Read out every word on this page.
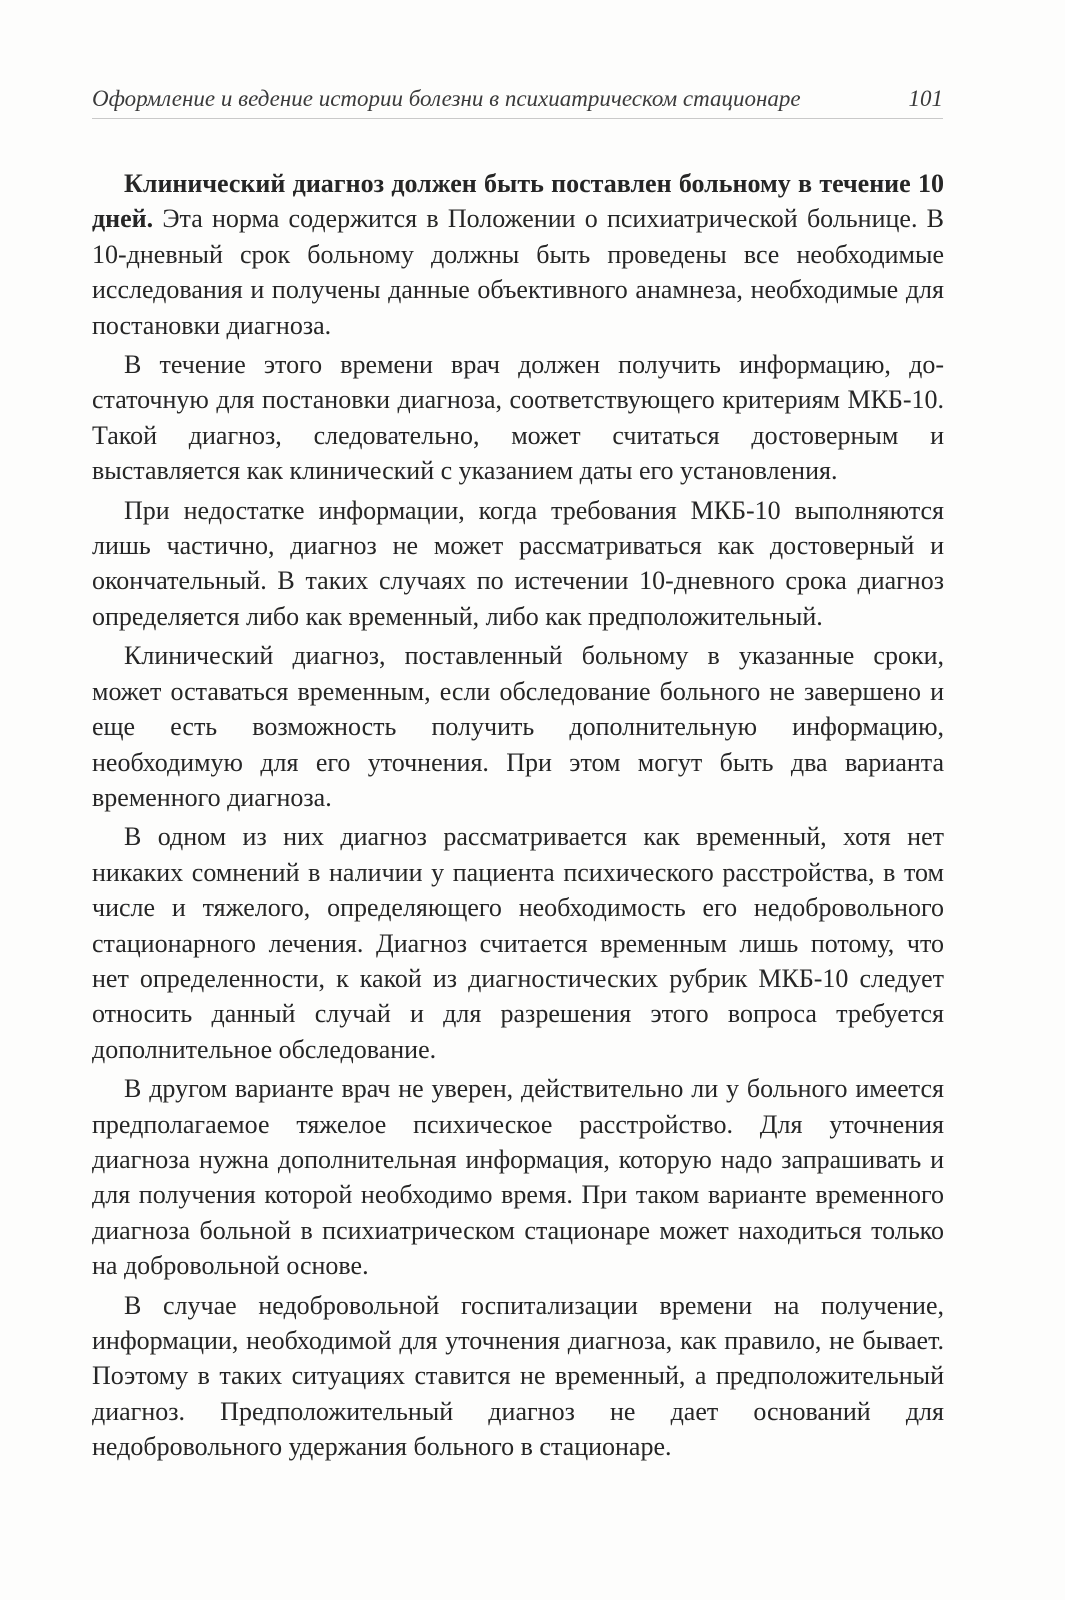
Оформление и ведение истории болезни в психиатрическом стационаре	101

Клинический диагноз должен быть поставлен больному в течение 10 дней. Эта норма содержится в Положении о психиатрической больнице. В 10-дневный срок больному должны быть проведены все необходимые исследования и получены данные объективного анамнеза, необходимые для постановки диагноза.

В течение этого времени врач должен получить информацию, достаточную для постановки диагноза, соответствующего критериям МКБ-10. Такой диагноз, следовательно, может считаться достоверным и выставляется как клинический с указанием даты его установления.

При недостатке информации, когда требования МКБ-10 выполняются лишь частично, диагноз не может рассматриваться как достоверный и окончательный. В таких случаях по истечении 10-дневного срока диагноз определяется либо как временный, либо как предположительный.

Клинический диагноз, поставленный больному в указанные сроки, может оставаться временным, если обследование больного не завершено и еще есть возможность получить дополнительную информацию, необходимую для его уточнения. При этом могут быть два варианта временного диагноза.

В одном из них диагноз рассматривается как временный, хотя нет никаких сомнений в наличии у пациента психического расстройства, в том числе и тяжелого, определяющего необходимость его недобровольного стационарного лечения. Диагноз считается временным лишь потому, что нет определенности, к какой из диагностических рубрик МКБ-10 следует относить данный случай и для разрешения этого вопроса требуется дополнительное обследование.

В другом варианте врач не уверен, действительно ли у больного имеется предполагаемое тяжелое психическое расстройство. Для уточнения диагноза нужна дополнительная информация, которую надо запрашивать и для получения которой необходимо время. При таком варианте временного диагноза больной в психиатрическом стационаре может находиться только на добровольной основе.

В случае недобровольной госпитализации времени на получение, информации, необходимой для уточнения диагноза, как правило, не бывает. Поэтому в таких ситуациях ставится не временный, а предположительный диагноз. Предположительный диагноз не дает оснований для недобровольного удержания больного в стационаре.
